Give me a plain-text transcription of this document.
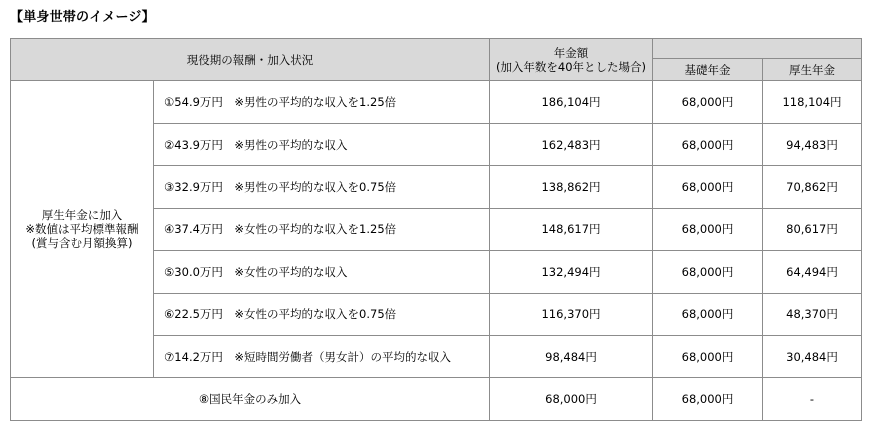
【単身世帯のイメージ】
現役期の報酬・加入状況		年金額
(加入年数を40年とした場合)		

			基礎年金	厚生年金

厚生年金に加入
※数値は平均標準報酬
(賞与含む月額換算)	①54.9万円　※男性の平均的な収入を1.25倍	186,104円	68,000円	118,104円
	②43.9万円　※男性の平均的な収入	162,483円	68,000円	94,483円
	③32.9万円　※男性の平均的な収入を0.75倍	138,862円	68,000円	70,862円
	④37.4万円　※女性の平均的な収入を1.25倍	148,617円	68,000円	80,617円
	⑤30.0万円　※女性の平均的な収入	132,494円	68,000円	64,494円
	⑥22.5万円　※女性の平均的な収入を0.75倍	116,370円	68,000円	48,370円
	⑦14.2万円　※短時間労働者（男女計）の平均的な収入	98,484円	68,000円	30,484円
⑧国民年金のみ加入		68,000円	68,000円	-
